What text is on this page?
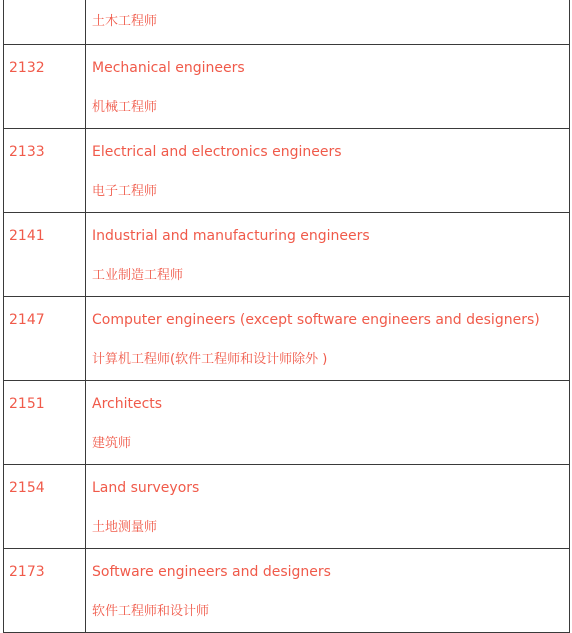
	土木工程师

2132	Mechanical engineers
机械工程师

2133	Electrical and electronics engineers
电子工程师

2141	Industrial and manufacturing engineers
工业制造工程师

2147	Computer engineers (except software engineers and designers)
计算机工程师(软件工程师和设计师除外 )

2151	Architects
建筑师

2154	Land surveyors
土地测量师

2173	Software engineers and designers
软件工程师和设计师
